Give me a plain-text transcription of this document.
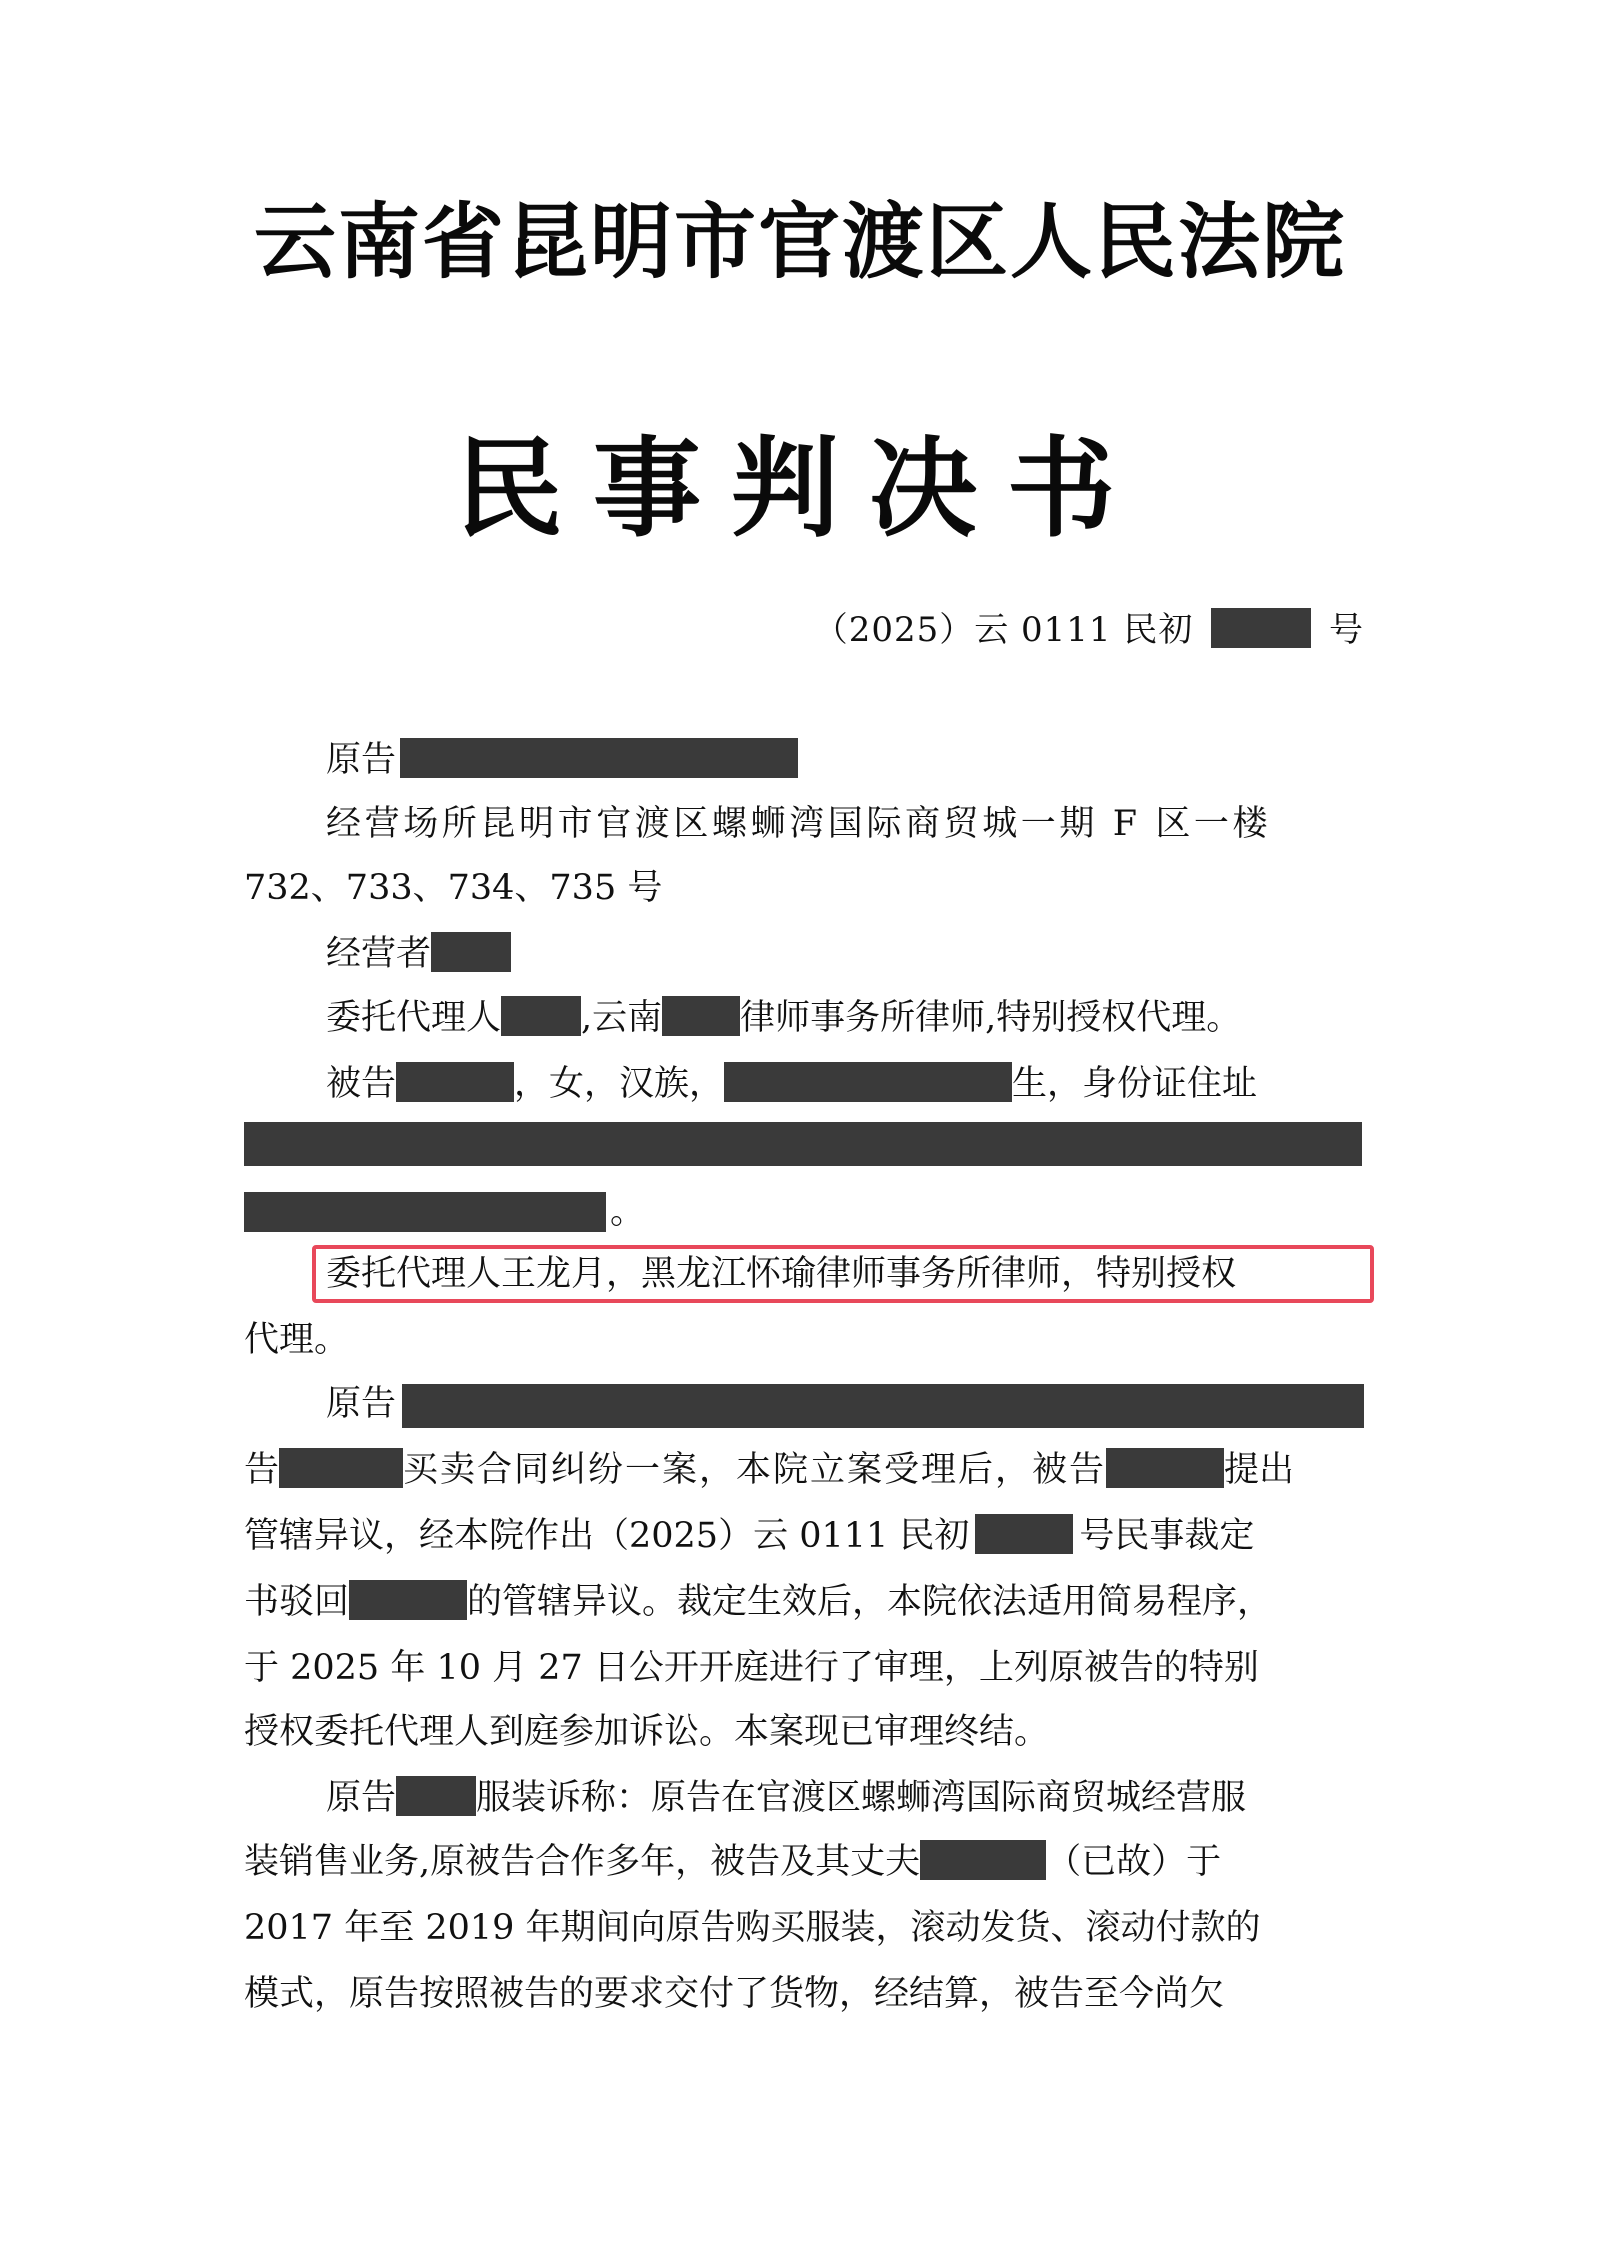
云南省昆明市官渡区人民法院
民事判决书
（2025）云 0111 民初	号
原告
经营场所昆明市官渡区螺蛳湾国际商贸城一期 F 区一楼
732、733、734、735 号
经营者
委托代理人 ,云南 律师事务所律师,特别授权代理。
被告	，女，汉族，	生，身份证住址
。
委托代理人王龙月，黑龙江怀瑜律师事务所律师，特别授权
代理。
原告
告	买卖合同纠纷一案，本院立案受理后，被告	提出
管辖异议，经本院作出（2025）云 0111 民初	号民事裁定
书驳回	的管辖异议。裁定生效后，本院依法适用简易程序，
于 2025 年 10 月 27 日公开开庭进行了审理，上列原被告的特别
授权委托代理人到庭参加诉讼。本案现已审理终结。
原告 服装诉称：原告在官渡区螺蛳湾国际商贸城经营服
装销售业务,原被告合作多年，被告及其丈夫	（已故）于
2017 年至 2019 年期间向原告购买服装，滚动发货、滚动付款的
模式，原告按照被告的要求交付了货物，经结算，被告至今尚欠
